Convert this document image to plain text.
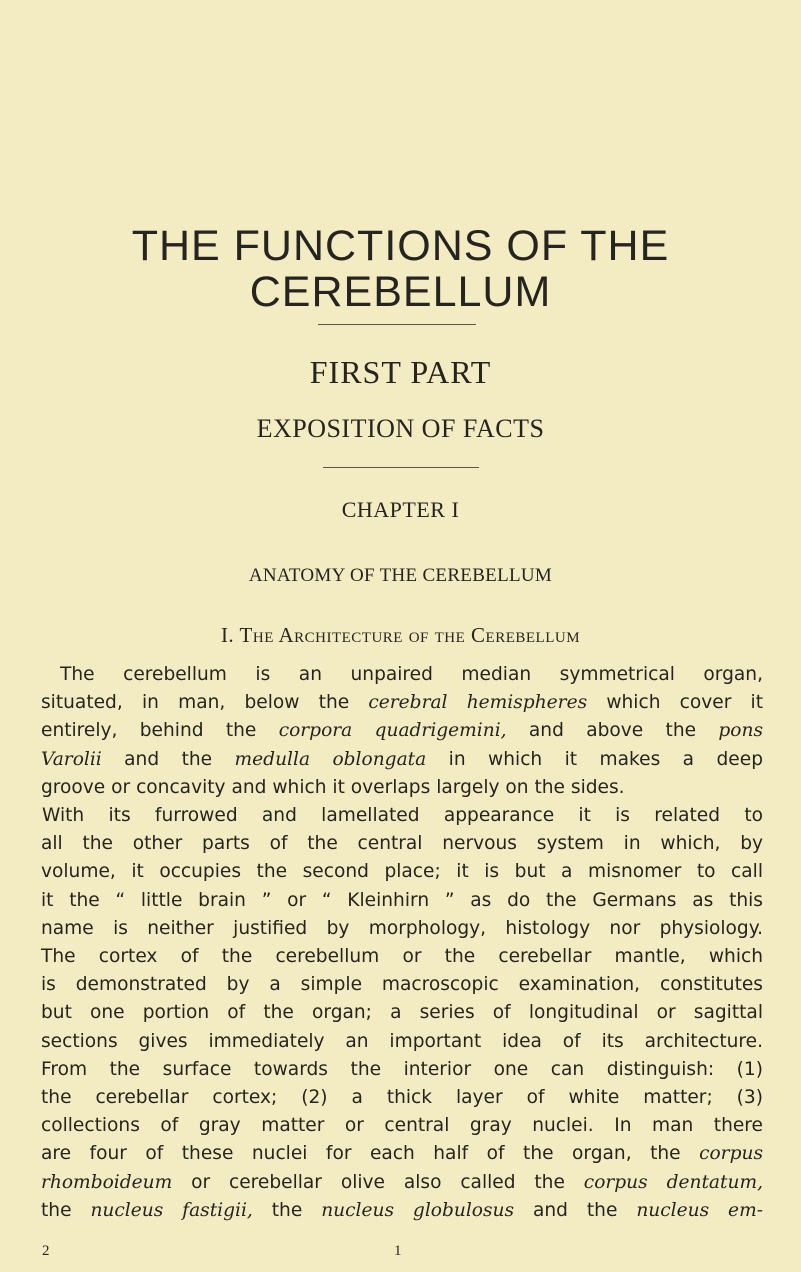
THE FUNCTIONS OF THE
CEREBELLUM
FIRST PART
EXPOSITION OF FACTS
CHAPTER I
ANATOMY OF THE CEREBELLUM
I. The Architecture of the Cerebellum
The cerebellum is an unpaired median symmetrical organ,
situated, in man, below the cerebral hemispheres which cover it
entirely, behind the corpora quadrigemini, and above the pons
Varolii and the medulla oblongata in which it makes a deep
groove or concavity and which it overlaps largely on the sides.
With its furrowed and lamellated appearance it is related to
all the other parts of the central nervous system in which, by
volume, it occupies the second place; it is but a misnomer to call
it the “ little brain ” or “ Kleinhirn ” as do the Germans as this
name is neither justified by morphology, histology nor physiology.
The cortex of the cerebellum or the cerebellar mantle, which
is demonstrated by a simple macroscopic examination, constitutes
but one portion of the organ; a series of longitudinal or sagittal
sections gives immediately an important idea of its architecture.
From the surface towards the interior one can distinguish: (1)
the cerebellar cortex; (2) a thick layer of white matter; (3)
collections of gray matter or central gray nuclei. In man there
are four of these nuclei for each half of the organ, the corpus
rhomboideum or cerebellar olive also called the corpus dentatum,
the nucleus fastigii, the nucleus globulosus and the nucleus em-
2	1
